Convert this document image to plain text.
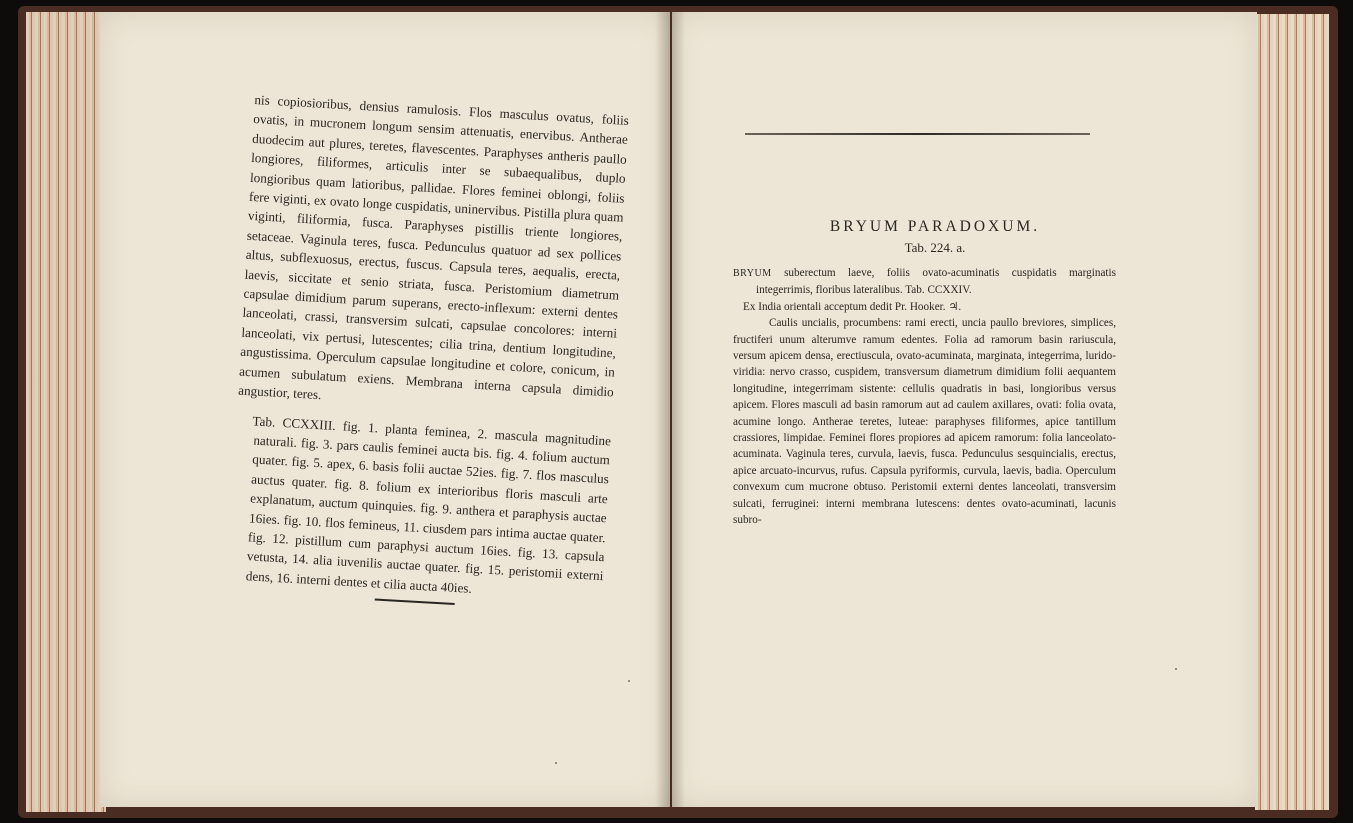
nis copiosioribus, densius ramulosis. Flos masculus ovatus, foliis ovatis, in mucronem longum sensim attenuatis, enervibus. Antherae duodecim aut plures, teretes, flavescentes. Paraphyses antheris paullo longiores, filiformes, articulis inter se subaequalibus, duplo longioribus quam latioribus, pallidae. Flores feminei oblongi, foliis fere viginti, ex ovato longe cuspidatis, uninervibus. Pistilla plura quam viginti, filiformia, fusca. Paraphyses pistillis triente longiores, setaceae. Vaginula teres, fusca. Pedunculus quatuor ad sex pollices altus, subflexuosus, erectus, fuscus. Capsula teres, aequalis, erecta, laevis, siccitate et senio striata, fusca. Peristomium diametrum capsulae dimidium parum superans, erecto-inflexum: externi dentes lanceolati, crassi, transversim sulcati, capsulae concolores: interni lanceolati, vix pertusi, lutescentes; cilia trina, dentium longitudine, angustissima. Operculum capsulae longitudine et colore, conicum, in acumen subulatum exiens. Membrana interna capsula dimidio angustior, teres.

Tab. CCXXIII. fig. 1. planta feminea, 2. mascula magnitudine naturali. fig. 3. pars caulis feminei aucta bis. fig. 4. folium auctum quater. fig. 5. apex, 6. basis folii auctae 52ies. fig. 7. flos masculus auctus quater. fig. 8. folium ex interioribus floris masculi arte explanatum, auctum quinquies. fig. 9. anthera et paraphysis auctae 16ies. fig. 10. flos femineus, 11. ciusdem pars intima auctae quater. fig. 12. pistillum cum paraphysi auctum 16ies. fig. 13. capsula vetusta, 14. alia iuvenilis auctae quater. fig. 15. peristomii externi dens, 16. interni dentes et cilia aucta 40ies.

BRYUM PARADOXUM.
Tab. 224. a.

BRYUM suberectum laeve, foliis ovato-acuminatis cuspidatis marginatis integerrimis, floribus lateralibus. Tab. CCXXIV.

Ex India orientali acceptum dedit Pr. Hooker. ♃.

Caulis uncialis, procumbens: rami erecti, uncia paullo breviores, simplices, fructiferi unum alterumve ramum edentes. Folia ad ramorum basin rariuscula, versum apicem densa, erectiuscula, ovato-acuminata, marginata, integerrima, lurido-viridia: nervo crasso, cuspidem, transversum diametrum dimidium folii aequantem longitudine, integerrimam sistente: cellulis quadratis in basi, longioribus versus apicem. Flores masculi ad basin ramorum aut ad caulem axillares, ovati: folia ovata, acumine longo. Antherae teretes, luteae: paraphyses filiformes, apice tantillum crassiores, limpidae. Feminei flores propiores ad apicem ramorum: folia lanceolato-acuminata. Vaginula teres, curvula, laevis, fusca. Pedunculus sesquincialis, erectus, apice arcuato-incurvus, rufus. Capsula pyriformis, curvula, laevis, badia. Operculum convexum cum mucrone obtuso. Peristomii externi dentes lanceolati, transversim sulcati, ferruginei: interni membrana lutescens: dentes ovato-acuminati, lacunis subro-
